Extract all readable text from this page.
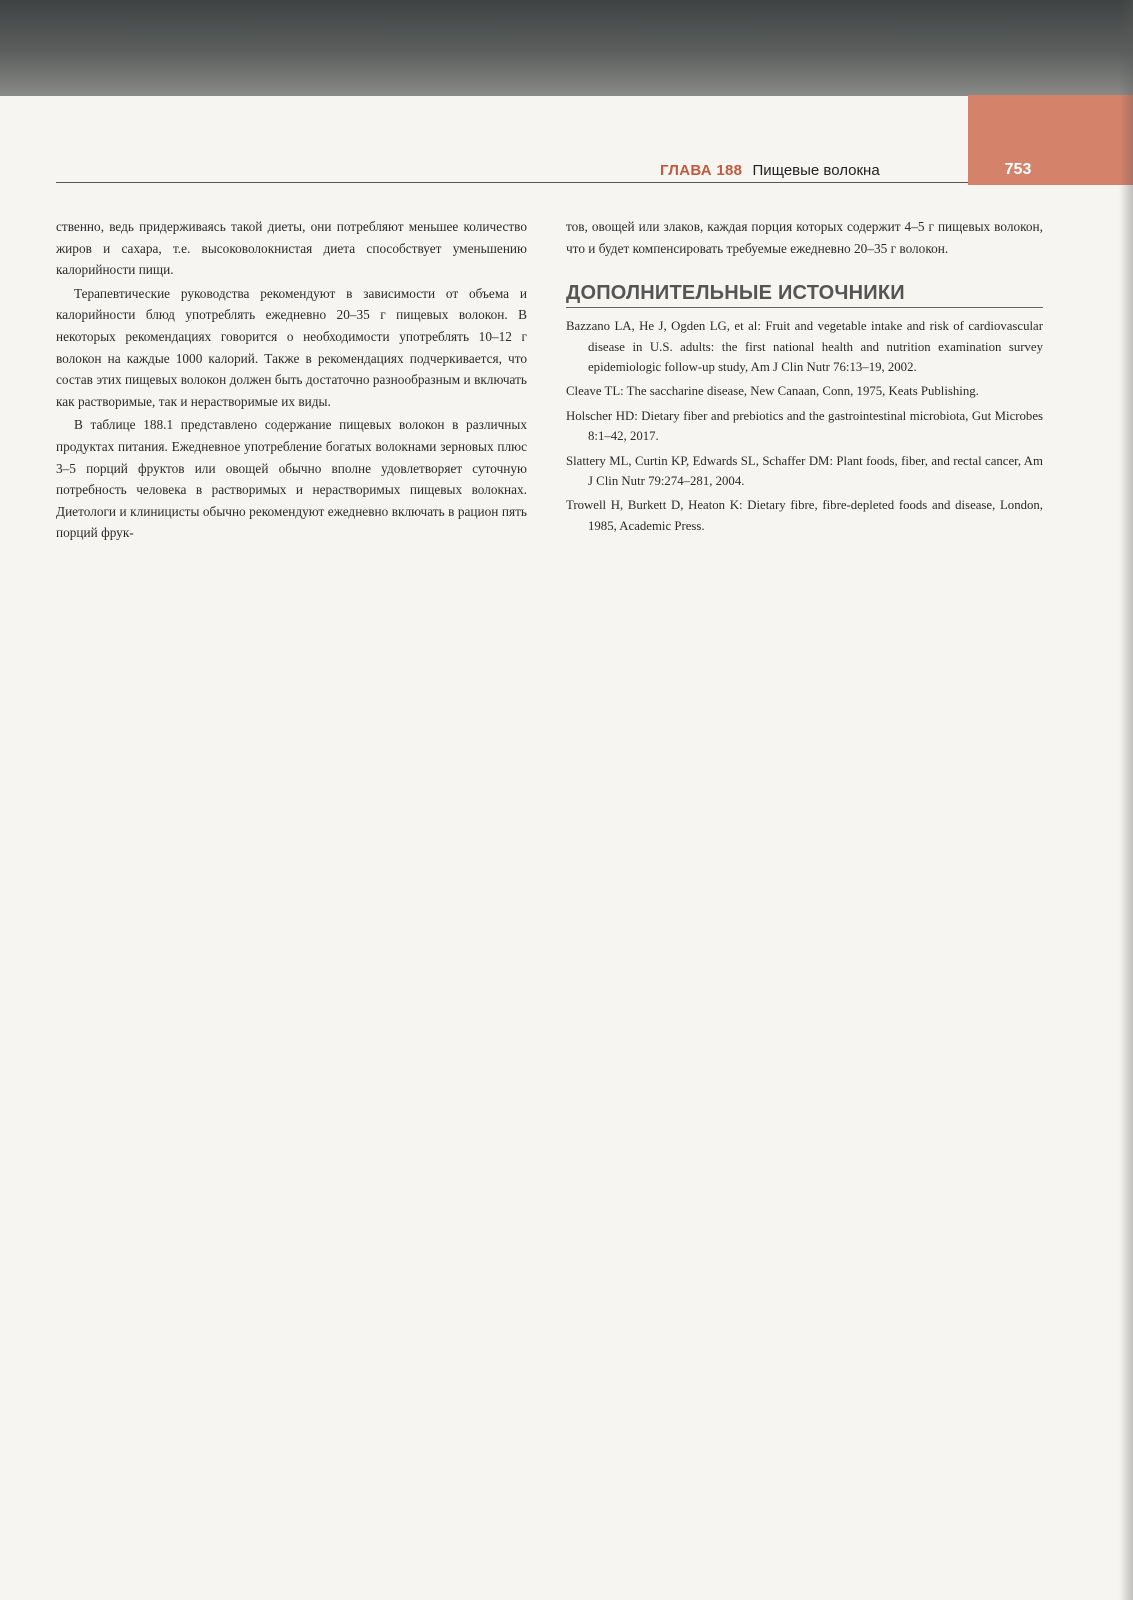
ГЛАВА 188 Пищевые волокна	753

ственно, ведь придерживаясь такой диеты, они потребляют меньшее количество жиров и сахара, т.е. высоковолокнистая диета способствует уменьшению калорийности пищи.

Терапевтические руководства рекомендуют в зависимости от объема и калорийности блюд употреблять ежедневно 20–35 г пищевых волокон. В некоторых рекомендациях говорится о необходимости употреблять 10–12 г волокон на каждые 1000 калорий. Также в рекомендациях подчеркивается, что состав этих пищевых волокон должен быть достаточно разнообразным и включать как растворимые, так и нерастворимые их виды.

В таблице 188.1 представлено содержание пищевых волокон в различных продуктах питания. Ежедневное употребление богатых волокнами зерновых плюс 3–5 порций фруктов или овощей обычно вполне удовлетворяет суточную потребность человека в растворимых и нерастворимых пищевых волокнах. Диетологи и клиницисты обычно рекомендуют ежедневно включать в рацион пять порций фрук-

тов, овощей или злаков, каждая порция которых содержит 4–5 г пищевых волокон, что и будет компенсировать требуемые ежедневно 20–35 г волокон.

ДОПОЛНИТЕЛЬНЫЕ ИСТОЧНИКИ
Bazzano LA, He J, Ogden LG, et al: Fruit and vegetable intake and risk of cardiovascular disease in U.S. adults: the first national health and nutrition examination survey epidemiologic follow-up study, Am J Clin Nutr 76:13–19, 2002.
Cleave TL: The saccharine disease, New Canaan, Conn, 1975, Keats Publishing.
Holscher HD: Dietary fiber and prebiotics and the gastrointestinal microbiota, Gut Microbes 8:1–42, 2017.
Slattery ML, Curtin KP, Edwards SL, Schaffer DM: Plant foods, fiber, and rectal cancer, Am J Clin Nutr 79:274–281, 2004.
Trowell H, Burkett D, Heaton K: Dietary fibre, fibre-depleted foods and disease, London, 1985, Academic Press.
